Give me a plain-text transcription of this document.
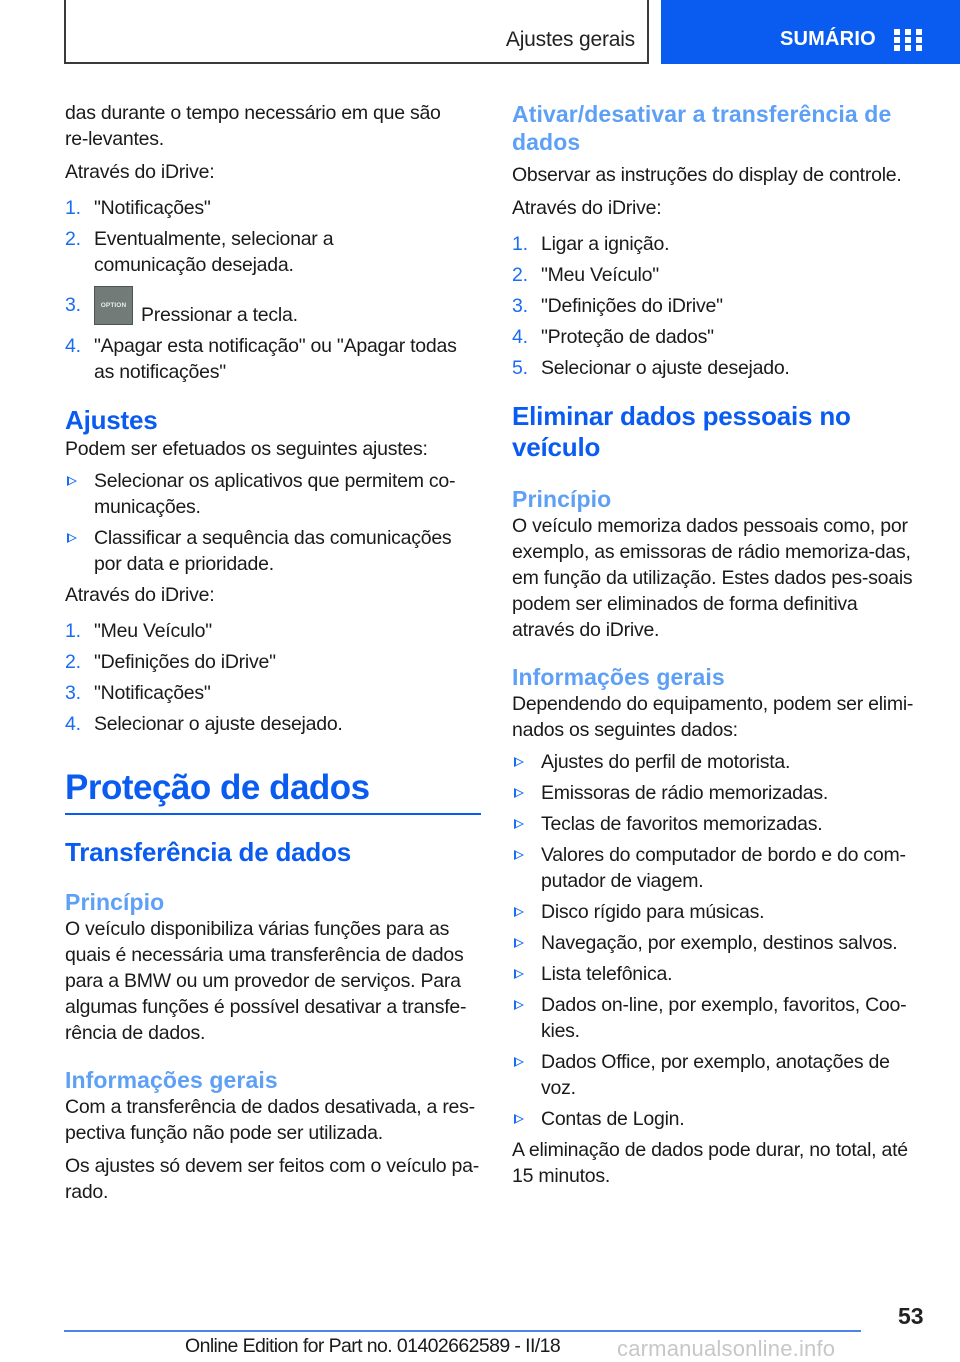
Ajustes gerais	SUMÁRIO

das durante o tempo necessário em que são re-levantes.

Através do iDrive:

1. "Notificações"
2. Eventualmente, selecionar a comunicação desejada.
3.	OPTION Pressionar a tecla.
4. "Apagar esta notificação" ou "Apagar todas as notificações"
Ajustes

Podem ser efetuados os seguintes ajustes:

Selecionar os aplicativos que permitem co-municações.
Classificar a sequência das comunicações por data e prioridade.

Através do iDrive:

1. "Meu Veículo"
2. "Definições do iDrive"
3. "Notificações"
4. Selecionar o ajuste desejado.
Proteção de dados
Transferência de dados
Princípio

O veículo disponibiliza várias funções para as quais é necessária uma transferência de dados para a BMW ou um provedor de serviços. Para algumas funções é possível desativar a transfe-rência de dados.

Informações gerais

Com a transferência de dados desativada, a res-pectiva função não pode ser utilizada.

Os ajustes só devem ser feitos com o veículo pa-rado.

Ativar/desativar a transferência de dados

Observar as instruções do display de controle.

Através do iDrive:

1. Ligar a ignição.
2. "Meu Veículo"
3. "Definições do iDrive"
4. "Proteção de dados"
5. Selecionar o ajuste desejado.
Eliminar dados pessoais no veículo
Princípio

O veículo memoriza dados pessoais como, por exemplo, as emissoras de rádio memoriza-das, em função da utilização. Estes dados pes-soais podem ser eliminados de forma definitiva através do iDrive.

Informações gerais

Dependendo do equipamento, podem ser elimi-nados os seguintes dados:

Ajustes do perfil de motorista.
Emissoras de rádio memorizadas.
Teclas de favoritos memorizadas.
Valores do computador de bordo e do com-putador de viagem.
Disco rígido para músicas.
Navegação, por exemplo, destinos salvos.
Lista telefônica.
Dados on-line, por exemplo, favoritos, Coo-kies.
Dados Office, por exemplo, anotações de voz.
Contas de Login.

A eliminação de dados pode durar, no total, até 15 minutos.

53
Online Edition for Part no. 01402662589 - II/18	carmanualsonline.info
